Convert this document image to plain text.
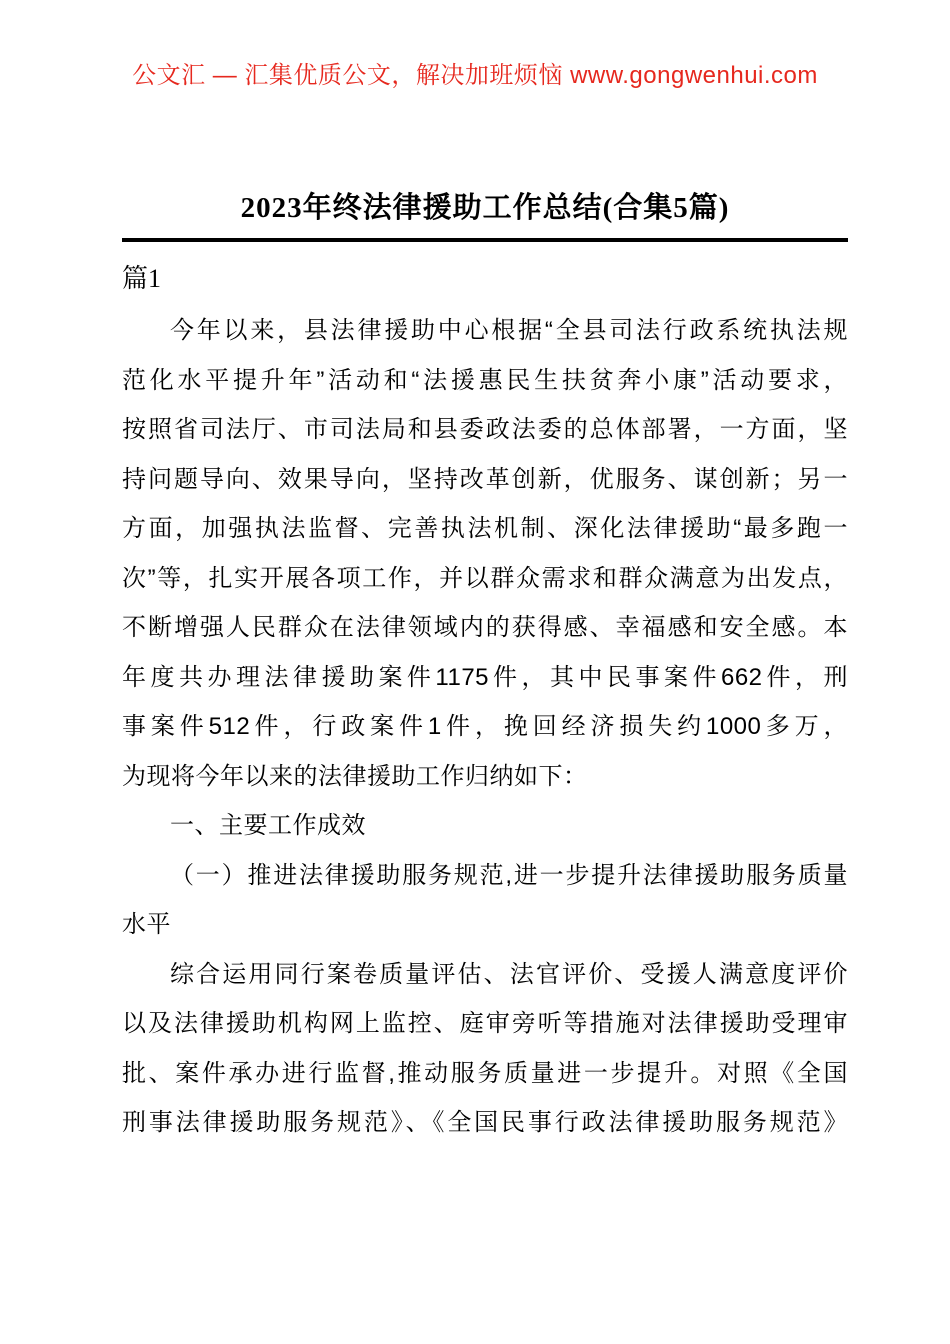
公文汇 — 汇集优质公文，解决加班烦恼 www.gongwenhui.com
2023年终法律援助工作总结(合集5篇)
篇1
今年以来，县法律援助中心根据“全县司法行政系统执法规
范化水平提升年”活动和“法援惠民生扶贫奔小康”活动要求，
按照省司法厅、市司法局和县委政法委的总体部署，一方面，坚
持问题导向、效果导向，坚持改革创新，优服务、谋创新；另一
方面，加强执法监督、完善执法机制、深化法律援助“最多跑一
次”等，扎实开展各项工作，并以群众需求和群众满意为出发点，
不断增强人民群众在法律领域内的获得感、幸福感和安全感。本
年度共办理法律援助案件1175件，其中民事案件662件，刑
事案件512件，行政案件1件，挽回经济损失约1000多万，
为现将今年以来的法律援助工作归纳如下：
一、主要工作成效
（一）推进法律援助服务规范,进一步提升法律援助服务质量
水平
综合运用同行案卷质量评估、法官评价、受援人满意度评价
以及法律援助机构网上监控、庭审旁听等措施对法律援助受理审
批、案件承办进行监督,推动服务质量进一步提升。对照《全国
刑事法律援助服务规范》、《全国民事行政法律援助服务规范》
